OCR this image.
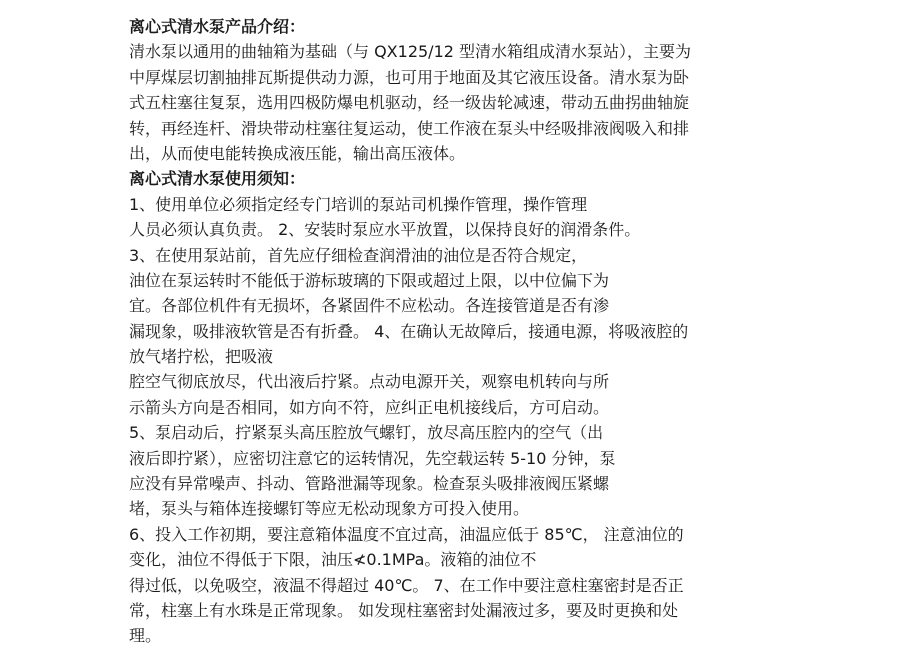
离心式清水泵产品介绍：
清水泵以通用的曲轴箱为基础（与 QX125/12 型清水箱组成清水泵站），主要为
中厚煤层切割抽排瓦斯提供动力源，也可用于地面及其它液压设备。清水泵为卧
式五柱塞往复泵，选用四极防爆电机驱动，经一级齿轮减速，带动五曲拐曲轴旋
转，再经连杆、滑块带动柱塞往复运动，使工作液在泵头中经吸排液阀吸入和排
出，从而使电能转换成液压能，输出高压液体。
离心式清水泵使用须知：
1、使用单位必须指定经专门培训的泵站司机操作管理，操作管理
人员必须认真负责。 2、安装时泵应水平放置，以保持良好的润滑条件。
3、在使用泵站前，首先应仔细检查润滑油的油位是否符合规定，
油位在泵运转时不能低于游标玻璃的下限或超过上限，以中位偏下为
宜。各部位机件有无损坏，各紧固件不应松动。各连接管道是否有渗
漏现象，吸排液软管是否有折叠。 4、在确认无故障后，接通电源，将吸液腔的
放气堵拧松，把吸液
腔空气彻底放尽，代出液后拧紧。点动电源开关，观察电机转向与所
示箭头方向是否相同，如方向不符，应纠正电机接线后，方可启动。
5、泵启动后，拧紧泵头高压腔放气螺钉，放尽高压腔内的空气（出
液后即拧紧），应密切注意它的运转情况，先空载运转 5-10 分钟，泵
应没有异常噪声、抖动、管路泄漏等现象。检查泵头吸排液阀压紧螺
堵，泵头与箱体连接螺钉等应无松动现象方可投入使用。
6、投入工作初期，要注意箱体温度不宜过高，油温应低于 85℃， 注意油位的
变化，油位不得低于下限，油压≮0.1MPa。液箱的油位不
得过低，以免吸空，液温不得超过 40℃。 7、在工作中要注意柱塞密封是否正
常，柱塞上有水珠是正常现象。 如发现柱塞密封处漏液过多，要及时更换和处
理。
